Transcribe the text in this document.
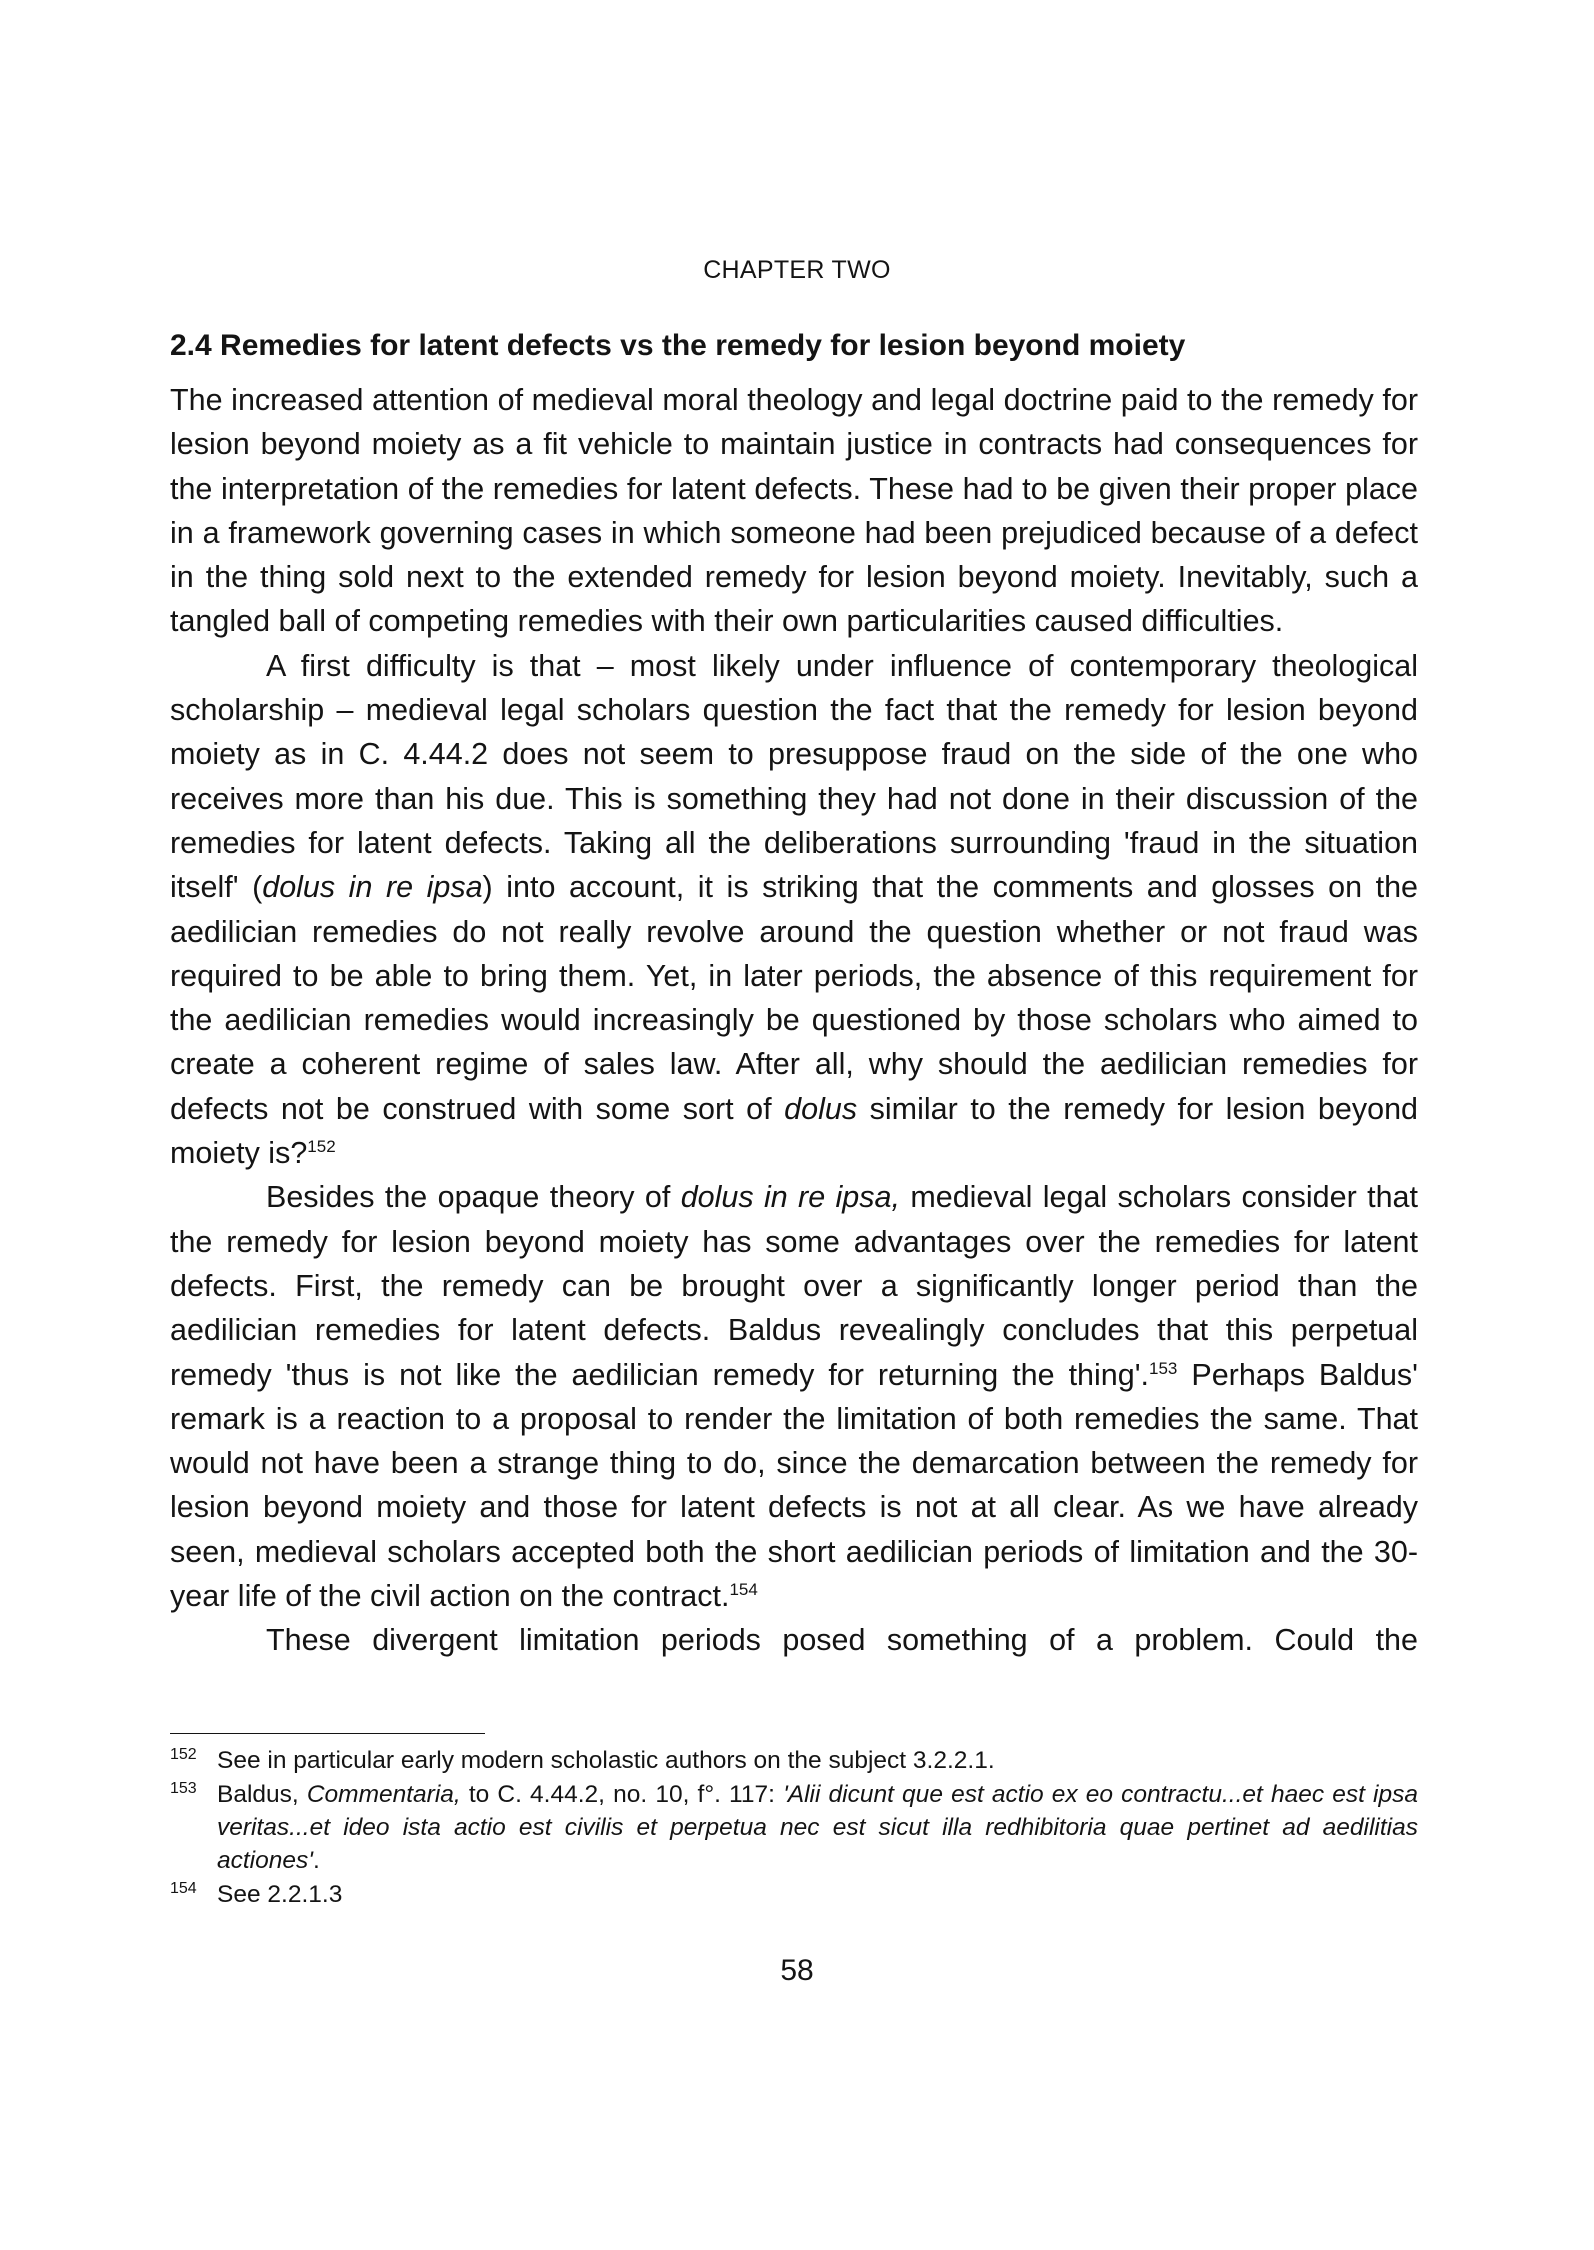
CHAPTER TWO
2.4 Remedies for latent defects vs the remedy for lesion beyond moiety

The increased attention of medieval moral theology and legal doctrine paid to the remedy for lesion beyond moiety as a fit vehicle to maintain justice in contracts had consequences for the interpretation of the remedies for latent defects. These had to be given their proper place in a framework governing cases in which someone had been prejudiced because of a defect in the thing sold next to the extended remedy for lesion beyond moiety. Inevitably, such a tangled ball of competing remedies with their own particularities caused difficulties.

A first difficulty is that – most likely under influence of contemporary theological scholarship – medieval legal scholars question the fact that the remedy for lesion beyond moiety as in C. 4.44.2 does not seem to presuppose fraud on the side of the one who receives more than his due. This is something they had not done in their discussion of the remedies for latent defects. Taking all the deliberations surrounding 'fraud in the situation itself' (dolus in re ipsa) into account, it is striking that the comments and glosses on the aedilician remedies do not really revolve around the question whether or not fraud was required to be able to bring them. Yet, in later periods, the absence of this requirement for the aedilician remedies would increasingly be questioned by those scholars who aimed to create a coherent regime of sales law. After all, why should the aedilician remedies for defects not be construed with some sort of dolus similar to the remedy for lesion beyond moiety is?$^{152}$

Besides the opaque theory of dolus in re ipsa, medieval legal scholars consider that the remedy for lesion beyond moiety has some advantages over the remedies for latent defects. First, the remedy can be brought over a significantly longer period than the aedilician remedies for latent defects. Baldus revealingly concludes that this perpetual remedy 'thus is not like the aedilician remedy for returning the thing'.$^{153}$ Perhaps Baldus' remark is a reaction to a proposal to render the limitation of both remedies the same. That would not have been a strange thing to do, since the demarcation between the remedy for lesion beyond moiety and those for latent defects is not at all clear. As we have already seen, medieval scholars accepted both the short aedilician periods of limitation and the 30-year life of the civil action on the contract.$^{154}$

These divergent limitation periods posed something of a problem. Could the

152 See in particular early modern scholastic authors on the subject 3.2.2.1.
153 Baldus, Commentaria, to C. 4.44.2, no. 10, f°. 117: 'Alii dicunt que est actio ex eo contractu...et haec est ipsa veritas...et ideo ista actio est civilis et perpetua nec est sicut illa redhibitoria quae pertinet ad aedilitias actiones'.
154 See 2.2.1.3
58
